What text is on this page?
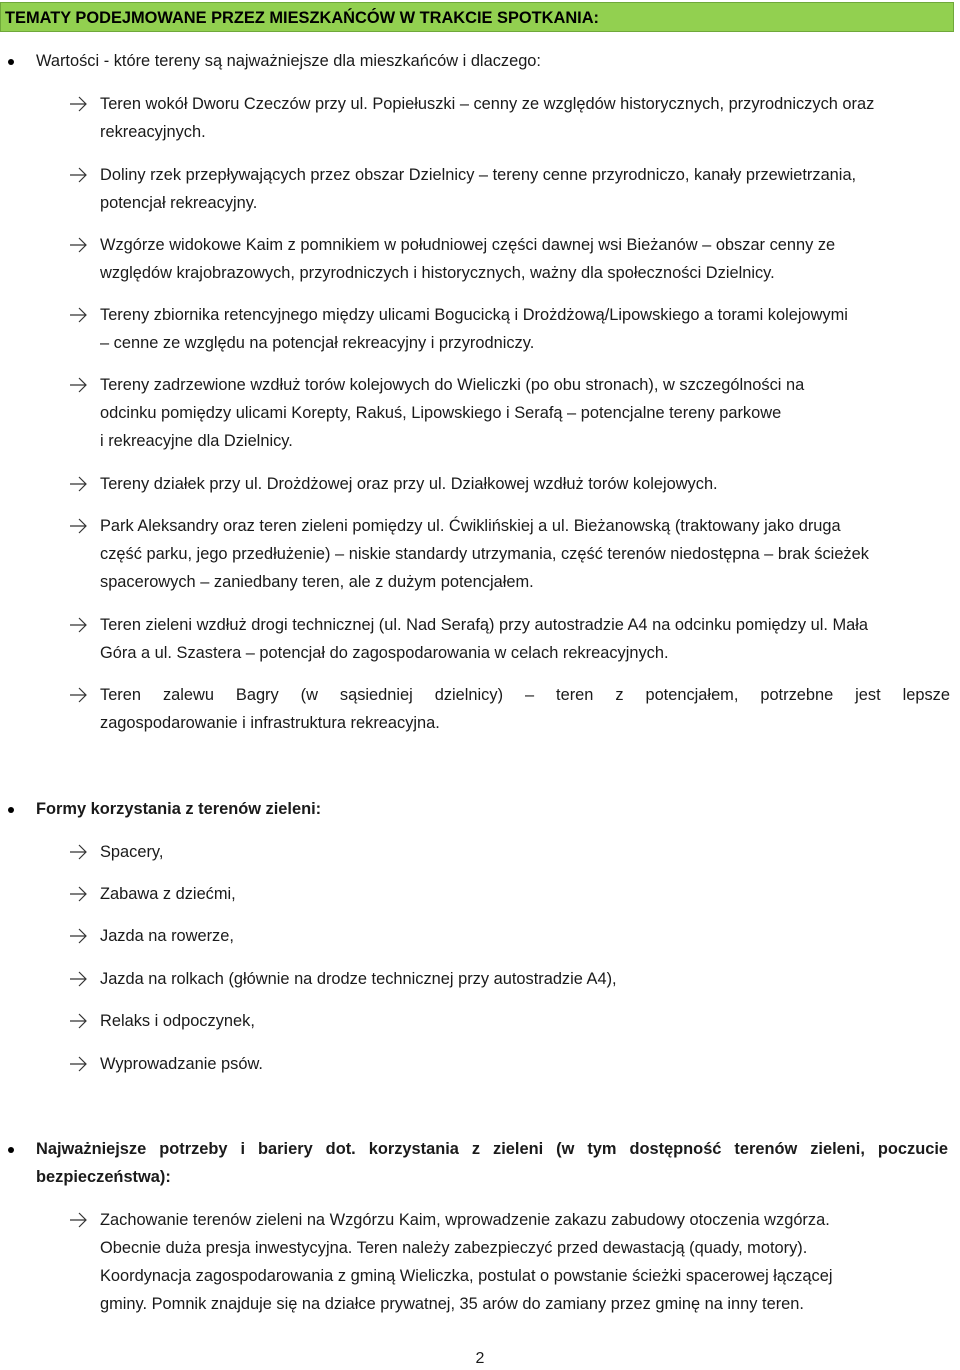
TEMATY PODEJMOWANE PRZEZ MIESZKAŃCÓW W TRAKCIE SPOTKANIA:
Wartości - które tereny są najważniejsze dla mieszkańców i dlaczego:
Teren wokół Dworu Czeczów przy ul. Popiełuszki – cenny ze względów historycznych, przyrodniczych oraz
rekreacyjnych.
Doliny rzek przepływających przez obszar Dzielnicy – tereny cenne przyrodniczo, kanały przewietrzania,
potencjał rekreacyjny.
Wzgórze widokowe Kaim z pomnikiem w południowej części dawnej wsi Bieżanów – obszar cenny ze
względów krajobrazowych, przyrodniczych i historycznych, ważny dla społeczności Dzielnicy.
Tereny zbiornika retencyjnego między ulicami Bogucicką i Drożdżową/Lipowskiego a torami kolejowymi
– cenne ze względu na potencjał rekreacyjny i przyrodniczy.
Tereny zadrzewione wzdłuż torów kolejowych do Wieliczki (po obu stronach), w szczególności na
odcinku pomiędzy ulicami Korepty, Rakuś, Lipowskiego i Serafą – potencjalne tereny parkowe
i rekreacyjne dla Dzielnicy.
Tereny działek przy ul. Drożdżowej oraz przy ul. Działkowej wzdłuż torów kolejowych.
Park Aleksandry oraz teren zieleni pomiędzy ul. Ćwiklińskiej a ul. Bieżanowską (traktowany jako druga
część parku, jego przedłużenie) – niskie standardy utrzymania, część terenów niedostępna – brak ścieżek
spacerowych – zaniedbany teren, ale z dużym potencjałem.
Teren zieleni wzdłuż drogi technicznej (ul. Nad Serafą) przy autostradzie A4 na odcinku pomiędzy ul. Mała
Góra a ul. Szastera – potencjał do zagospodarowania w celach rekreacyjnych.
Teren zalewu Bagry (w sąsiedniej dzielnicy) – teren z potencjałem, potrzebne jest lepsze
zagospodarowanie i infrastruktura rekreacyjna.
Formy korzystania z terenów zieleni:
Spacery,
Zabawa z dziećmi,
Jazda na rowerze,
Jazda na rolkach (głównie na drodze technicznej przy autostradzie A4),
Relaks i odpoczynek,
Wyprowadzanie psów.
Najważniejsze potrzeby i bariery dot. korzystania z zieleni (w tym dostępność terenów zieleni, poczucie
bezpieczeństwa):
Zachowanie terenów zieleni na Wzgórzu Kaim, wprowadzenie zakazu zabudowy otoczenia wzgórza.
Obecnie duża presja inwestycyjna. Teren należy zabezpieczyć przed dewastacją (quady, motory).
Koordynacja zagospodarowania z gminą Wieliczka, postulat o powstanie ścieżki spacerowej łączącej
gminy. Pomnik znajduje się na działce prywatnej, 35 arów do zamiany przez gminę na inny teren.
2
